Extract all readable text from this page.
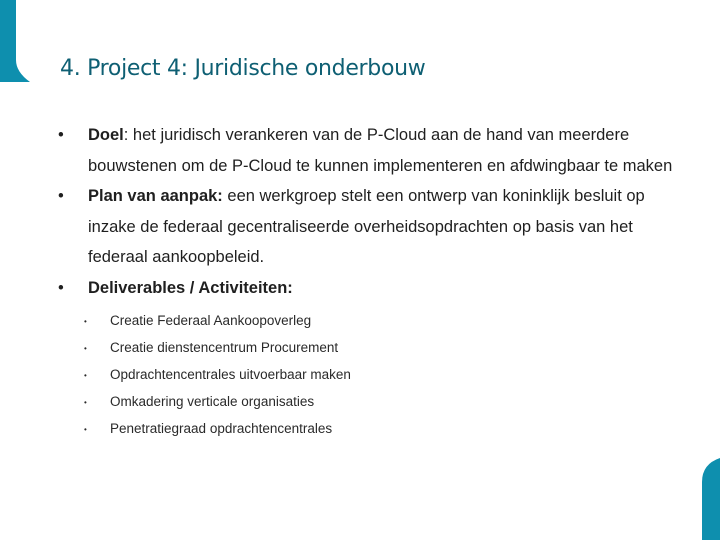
4. Project 4: Juridische onderbouw
• Doel: het juridisch verankeren van de P-Cloud aan de hand van meerdere bouwstenen om de P-Cloud te kunnen implementeren en afdwingbaar te maken
• Plan van aanpak: een werkgroep stelt een ontwerp van koninklijk besluit op inzake de federaal gecentraliseerde overheidsopdrachten op basis van het federaal aankoopbeleid.
• Deliverables / Activiteiten:
• Creatie Federaal Aankoopoverleg
• Creatie dienstencentrum Procurement
• Opdrachtencentrales uitvoerbaar maken
• Omkadering verticale organisaties
• Penetratiegraad opdrachtencentrales
